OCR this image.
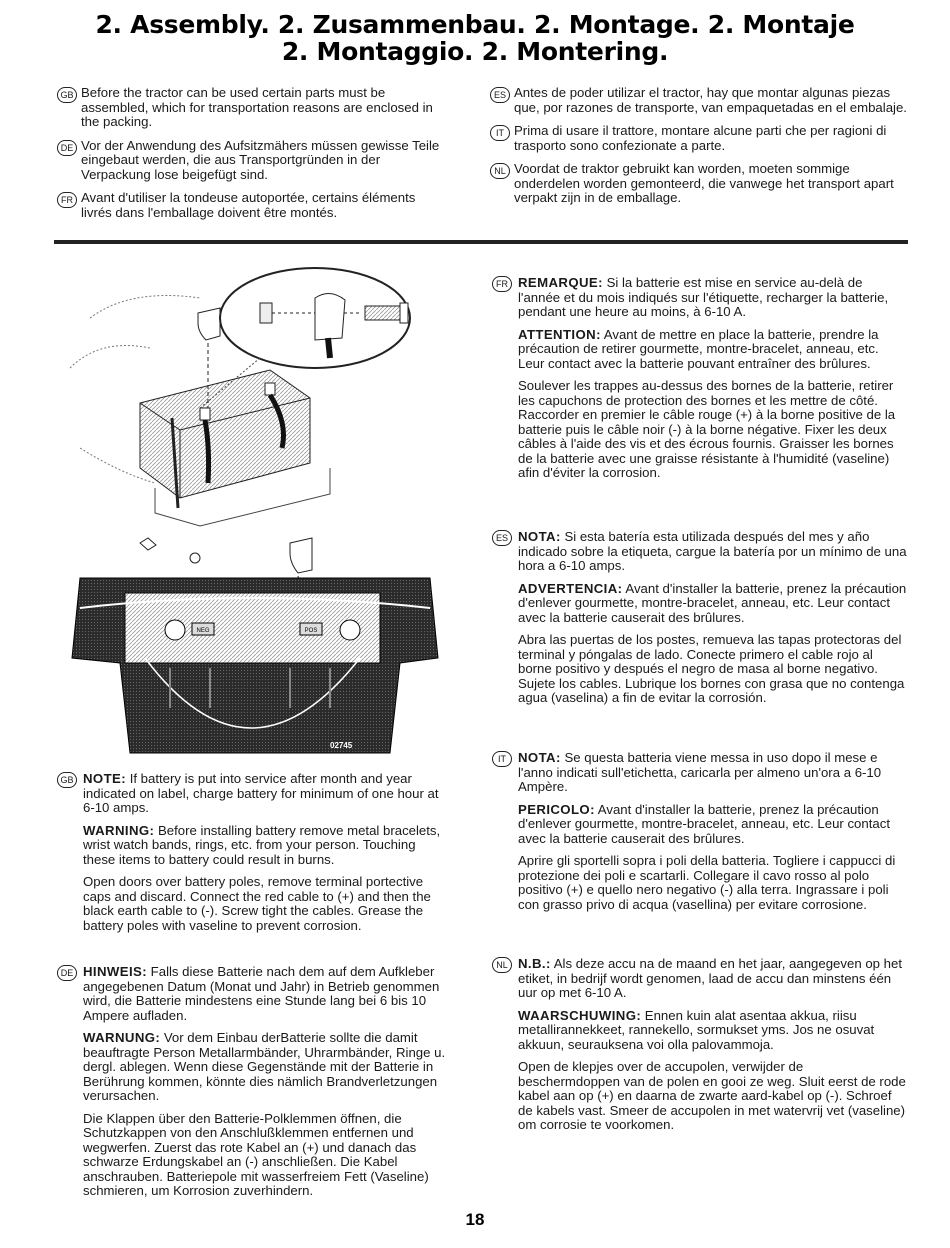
2. Assembly. 2. Zusammenbau. 2. Montage. 2. Montaje
2. Montaggio. 2. Montering.
GB Before the tractor can be used certain parts must be assembled, which for transportation reasons are enclosed in the packing.
DE Vor der Anwendung des Aufsitzmähers müssen gewisse Teile eingebaut werden, die aus Transportgründen in der Verpackung lose beigefügt sind.
FR Avant d'utiliser la tondeuse autoportée, certains éléments livrés dans l'emballage doivent être montés.
ES Antes de poder utilizar el tractor, hay que montar algunas piezas que, por razones de transporte, van empaquetadas en el embalaje.
IT Prima di usare il trattore, montare alcune parti che per ragioni di trasporto sono confezionate a parte.
NL Voordat de traktor gebruikt kan worden, moeten sommige onderdelen worden gemonteerd, die vanwege het transport apart verpakt zijn in de emballage.
NEG	POS
02745
GB NOTE: If battery is put into service after month and year indicated on label, charge battery for minimum of one hour at 6-10 amps.

WARNING: Before installing battery remove metal bracelets, wrist watch bands, rings, etc. from your person. Touching these items to battery could result in burns.

Open doors over battery poles, remove terminal portective caps and discard. Connect the red cable to (+) and then the black earth cable to (-). Screw tight the cables. Grease the battery poles with vaseline to prevent corrosion.

DE HINWEIS: Falls diese Batterie nach dem auf dem Aufkleber angegebenen Datum (Monat und Jahr) in Betrieb genommen wird, die Batterie mindestens eine Stunde lang bei 6 bis 10 Ampere aufladen.

WARNUNG: Vor dem Einbau derBatterie sollte die damit beauftragte Person Metallarmbänder, Uhrarmbänder, Ringe u. dergl. ablegen. Wenn diese Gegenstände mit der Batterie in Berührung kommen, könnte dies nämlich Brandverletzungen verursachen.

Die Klappen über den Batterie-Polklemmen öffnen, die Schutzkappen von den Anschlußklemmen entfernen und wegwerfen. Zuerst das rote Kabel an (+) und danach das schwarze Erdungskabel an (-) anschließen. Die Kabel anschrauben. Batteriepole mit wasserfreiem Fett (Vaseline) schmieren, um Korrosion zuverhindern.

FR REMARQUE: Si la batterie est mise en service au-delà de l'année et du mois indiqués sur l'étiquette, recharger la batterie, pendant une heure au moins, à 6-10 A.

ATTENTION: Avant de mettre en place la batterie, prendre la précaution de retirer gourmette, montre-bracelet, anneau, etc. Leur contact avec la batterie pouvant entraîner des brûlures.

Soulever les trappes au-dessus des bornes de la batterie, retirer les capuchons de protection des bornes et les mettre de côté. Raccorder en premier le câble rouge (+) à la borne positive de la batterie puis le câble noir (-) à la borne négative. Fixer les deux câbles à l'aide des vis et des écrous fournis. Graisser les bornes de la batterie avec une graisse résistante à l'humidité (vaseline) afin d'éviter la corrosion.

ES NOTA: Si esta batería esta utilizada después del mes y año indicado sobre la etiqueta, cargue la batería por un mínimo de una hora a 6-10 amps.

ADVERTENCIA: Avant d'installer la batterie, prenez la précaution d'enlever gourmette, montre-bracelet, anneau, etc. Leur contact avec la batterie causerait des brûlures.

Abra las puertas de los postes, remueva las tapas protectoras del terminal y póngalas de lado. Conecte primero el cable rojo al borne positivo y después el negro de masa al borne negativo. Sujete los cables. Lubrique los bornes con grasa que no contenga agua (vaselina) a fin de evitar la corrosión.

IT NOTA: Se questa batteria viene messa in uso dopo il mese e l'anno indicati sull'etichetta, caricarla per almeno un'ora a 6-10 Ampère.

PERICOLO: Avant d'installer la batterie, prenez la précaution d'enlever gourmette, montre-bracelet, anneau, etc. Leur contact avec la batterie causerait des brûlures.

Aprire gli sportelli sopra i poli della batteria. Togliere i cappucci di protezione dei poli e scartarli. Collegare il cavo rosso al polo positivo (+) e quello nero negativo (-) alla terra. Ingrassare i poli con grasso privo di acqua (vasellina) per evitare corrosione.

NL N.B.: Als deze accu na de maand en het jaar, aangegeven op het etiket, in bedrijf wordt genomen, laad de accu dan minstens één uur op met 6-10 A.

WAARSCHUWING: Ennen kuin alat asentaa akkua, riisu metallirannekkeet, rannekello, sormukset yms. Jos ne osuvat akkuun, seurauksena voi olla palovammoja.

Open de klepjes over de accupolen, verwijder de beschermdoppen van de polen en gooi ze weg. Sluit eerst de rode kabel aan op (+) en daarna de zwarte aard-kabel op (-). Schroef de kabels vast. Smeer de accupolen in met watervrij vet (vaseline) om corrosie te voorkomen.

18
